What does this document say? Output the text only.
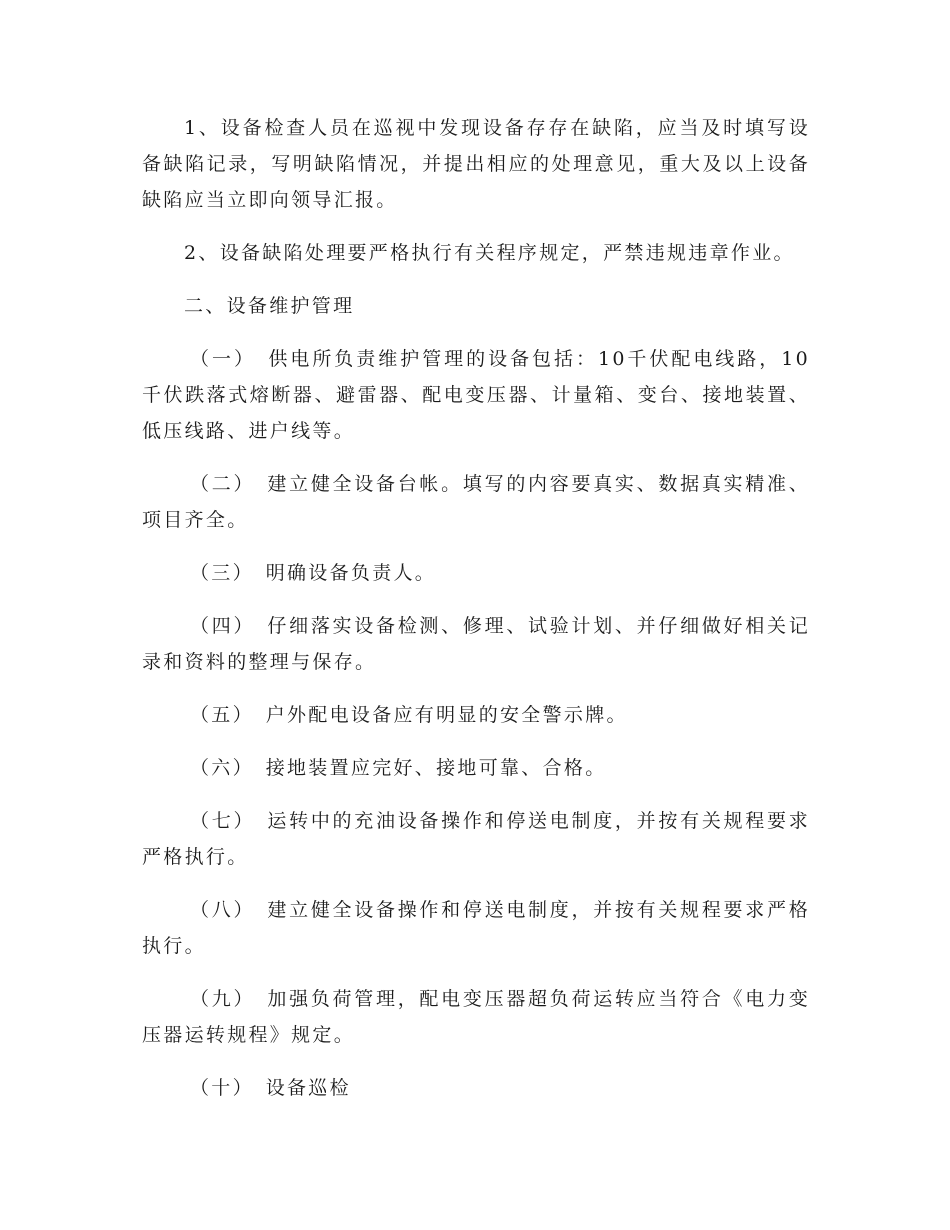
1、设备检查人员在巡视中发现设备存存在缺陷，应当及时填写设备缺陷记录，写明缺陷情况，并提出相应的处理意见，重大及以上设备缺陷应当立即向领导汇报。

2、设备缺陷处理要严格执行有关程序规定，严禁违规违章作业。

二、设备维护管理

（一）　供电所负责维护管理的设备包括：10千伏配电线路，10千伏跌落式熔断器、避雷器、配电变压器、计量箱、变台、接地装置、低压线路、进户线等。

（二）　建立健全设备台帐。填写的内容要真实、数据真实精准、项目齐全。

（三）　明确设备负责人。

（四）　仔细落实设备检测、修理、试验计划、并仔细做好相关记录和资料的整理与保存。

（五）　户外配电设备应有明显的安全警示牌。

（六）　接地装置应完好、接地可靠、合格。

（七）　运转中的充油设备操作和停送电制度，并按有关规程要求严格执行。

（八）　建立健全设备操作和停送电制度，并按有关规程要求严格执行。

（九）　加强负荷管理，配电变压器超负荷运转应当符合《电力变压器运转规程》规定。

（十）　设备巡检
